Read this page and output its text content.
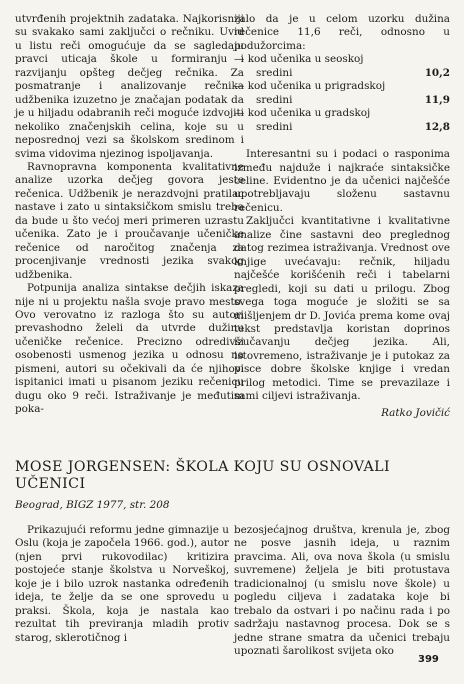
utvrđenih projektnih zadataka. Najkorisniji su svakako sami zaključci o rečniku. Uvid u listu reči omogućuje da se sagledaju pravci uticaja škole u formiranju i razvijanju opšteg dečjeg rečnika. Za posmatranje i analizovanje rečnika udžbenika izuzetno je značajan podatak da je u hiljadu odabranih reči moguće izdvojiti nekoliko značenjskih celina, koje su u neposrednoj vezi sa školskom sredinom i svima vidovima njezinog ispoljavanja.

Ravnopravna komponenta kvalitativne analize uzorka dečjeg govora jeste rečenica. Udžbenik je nerazdvojni pratilac nastave i zato u sintaksičkom smislu treba da bude u što većoj meri primeren uzrastu učenika. Zato je i proučavanje učeničke rečenice od naročitog značenja za procenjivanje vrednosti jezika svakog udžbenika.

Potpunija analiza sintakse dečjih iskaza nije ni u projektu našla svoje pravo mesto. Ovo verovatno iz razloga što su autori prevashodno želeli da utvrde dužinu učeničke rečenice. Precizno odredivši osobenosti usmenog jezika u odnosu na pismeni, autori su očekivali da će njihovi ispitanici imati u pisanom jeziku rečenicu dugu oko 9 reči. Istraživanje je međutim poka-

zalo da je u celom uzorku dužina rečenice 11,6 reči, odnosno u podužorcima:

— kod učenika u seoskoj
sredini	10,2
— kod učenika u prigradskoj
sredini	11,9
— kod učenika u gradskoj
sredini	12,8

Interesantni su i podaci o rasponima između najduže i najkraće sintaksičke celine. Evidentno je da učenici najčešće upotrebljavaju složenu sastavnu rečenicu.

Zaključci kvantitativne i kvalitativne analize čine sastavni deo preglednog datog rezimea istraživanja. Vrednost ove knjige uvećavaju: rečnik, hiljadu najčešće korišćenih reči i tabelarni pregledi, koji su dati u prilogu. Zbog svega toga moguće je složiti se sa mišljenjem dr D. Jovića prema kome ovaj tekst predstavlja koristan doprinos izučavanju dečjeg jezika. Ali, istovremeno, istraživanje je i putokaz za pisce dobre školske knjige i vredan prilog metodici. Time se prevazilaze i sami ciljevi istraživanja.

Ratko Jovičić
MOSE JORGENSEN: ŠKOLA KOJU SU OSNOVALI UČENICI
Beograd, BIGZ 1977, str. 208

Prikazujući reformu jedne gimnazije u Oslu (koja je započela 1966. god.), autor (njen prvi rukovodilac) kritizira postojeće stanje školstva u Norveškoj, koje je i bilo uzrok nastanka određenih ideja, te želje da se one sprovedu u praksi. Škola, koja je nastala kao rezultat tih previranja mladih protiv starog, sklerotičnog i

bezosjećajnog društva, krenula je, zbog ne posve jasnih ideja, u raznim pravcima. Ali, ova nova škola (u smislu suvremene) željela je biti protustava tradicionalnoj (u smislu nove škole) u pogledu ciljeva i zadataka koje bi trebalo da ostvari i po načinu rada i po sadržaju nastavnog procesa. Dok se s jedne strane smatra da učenici trebaju upoznati šarolikost svijeta oko

399
